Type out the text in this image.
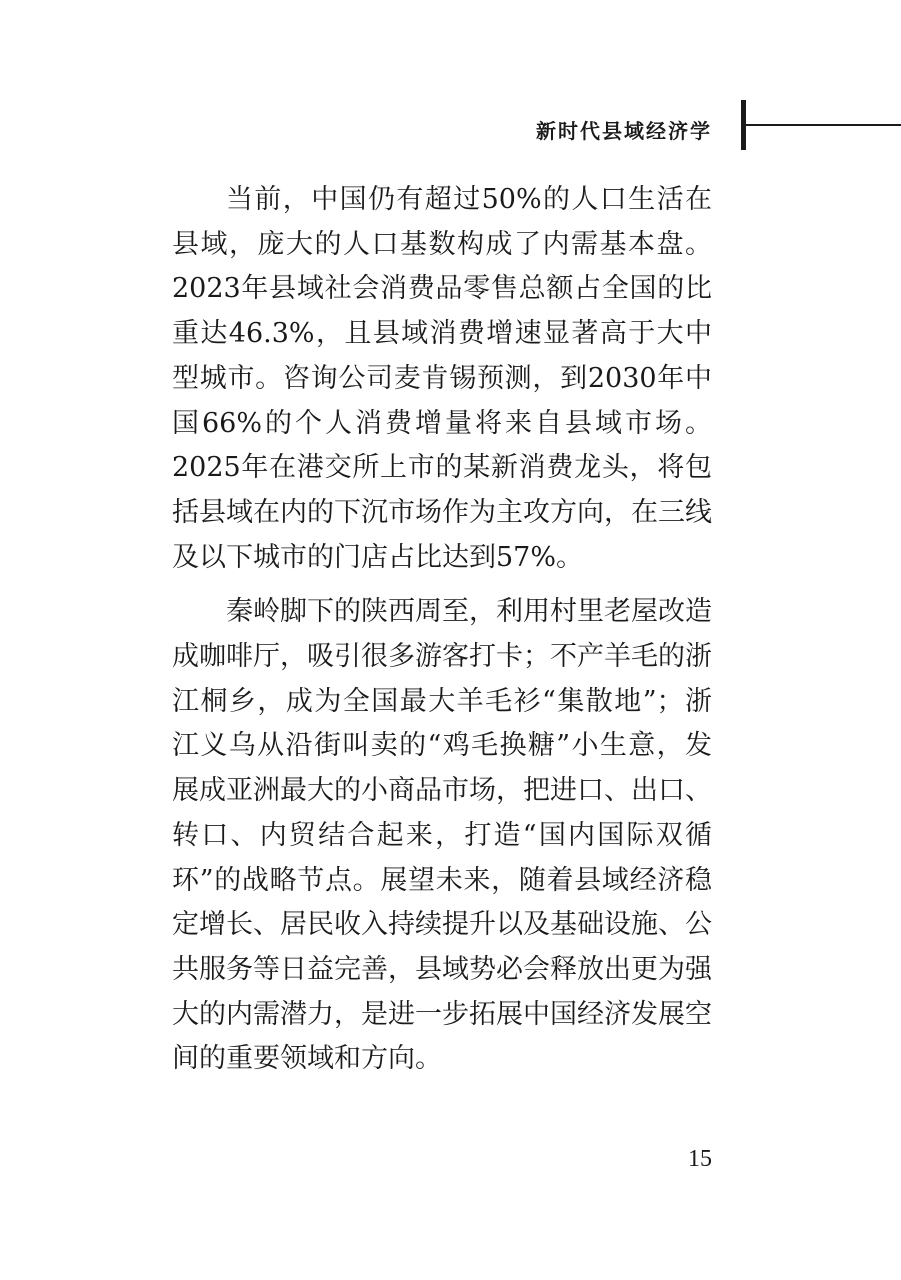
新时代县域经济学

当前，中国仍有超过50%的人口生活在县域，庞大的人口基数构成了内需基本盘。2023年县域社会消费品零售总额占全国的比重达46.3%，且县域消费增速显著高于大中型城市。咨询公司麦肯锡预测，到2030年中国66%的个人消费增量将来自县域市场。2025年在港交所上市的某新消费龙头，将包括县域在内的下沉市场作为主攻方向，在三线及以下城市的门店占比达到57%。

秦岭脚下的陕西周至，利用村里老屋改造成咖啡厅，吸引很多游客打卡；不产羊毛的浙江桐乡，成为全国最大羊毛衫“集散地”；浙江义乌从沿街叫卖的“鸡毛换糖”小生意，发展成亚洲最大的小商品市场，把进口、出口、转口、内贸结合起来，打造“国内国际双循环”的战略节点。展望未来，随着县域经济稳定增长、居民收入持续提升以及基础设施、公共服务等日益完善，县域势必会释放出更为强大的内需潜力，是进一步拓展中国经济发展空间的重要领域和方向。

15
